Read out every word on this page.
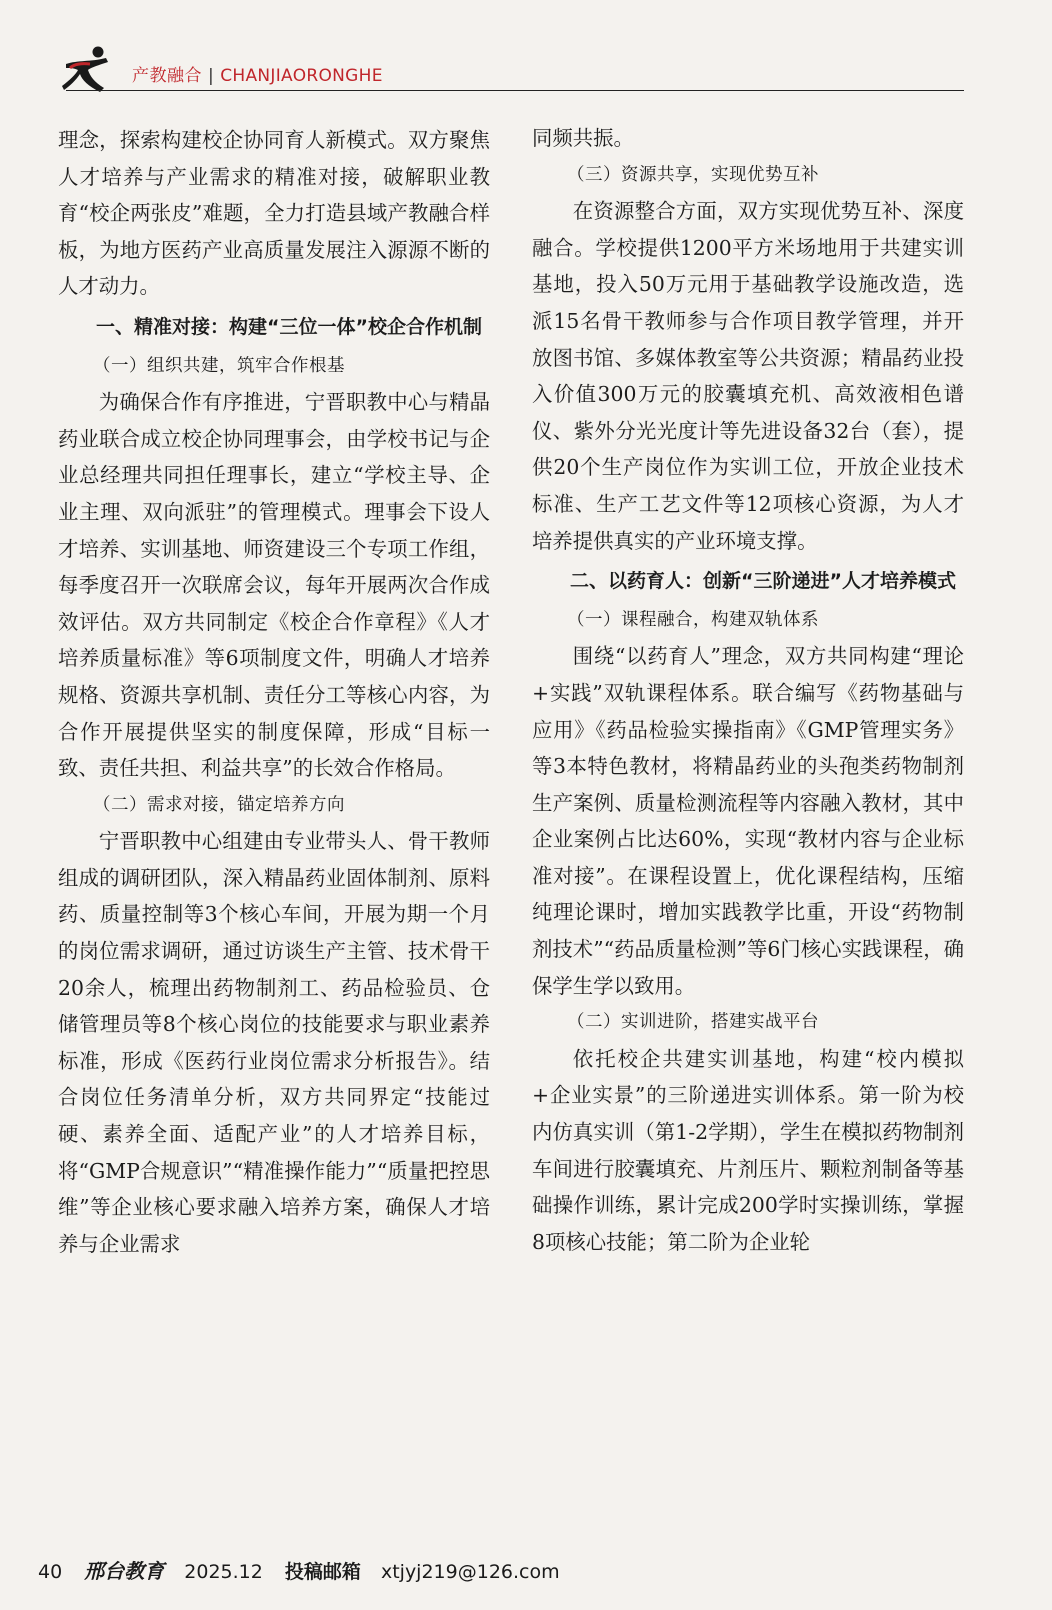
产教融合 | CHANJIAORONGHE

理念，探索构建校企协同育人新模式。双方聚焦人才培养与产业需求的精准对接，破解职业教育“校企两张皮”难题，全力打造县域产教融合样板，为地方医药产业高质量发展注入源源不断的人才动力。

一、精准对接：构建“三位一体”校企合作机制

（一）组织共建，筑牢合作根基

为确保合作有序推进，宁晋职教中心与精晶药业联合成立校企协同理事会，由学校书记与企业总经理共同担任理事长，建立“学校主导、企业主理、双向派驻”的管理模式。理事会下设人才培养、实训基地、师资建设三个专项工作组，每季度召开一次联席会议，每年开展两次合作成效评估。双方共同制定《校企合作章程》《人才培养质量标准》等6项制度文件，明确人才培养规格、资源共享机制、责任分工等核心内容，为合作开展提供坚实的制度保障，形成“目标一致、责任共担、利益共享”的长效合作格局。

（二）需求对接，锚定培养方向

宁晋职教中心组建由专业带头人、骨干教师组成的调研团队，深入精晶药业固体制剂、原料药、质量控制等3个核心车间，开展为期一个月的岗位需求调研，通过访谈生产主管、技术骨干20余人，梳理出药物制剂工、药品检验员、仓储管理员等8个核心岗位的技能要求与职业素养标准，形成《医药行业岗位需求分析报告》。结合岗位任务清单分析，双方共同界定“技能过硬、素养全面、适配产业”的人才培养目标，将“GMP合规意识”“精准操作能力”“质量把控思维”等企业核心要求融入培养方案，确保人才培养与企业需求

同频共振。

（三）资源共享，实现优势互补

在资源整合方面，双方实现优势互补、深度融合。学校提供1200平方米场地用于共建实训基地，投入50万元用于基础教学设施改造，选派15名骨干教师参与合作项目教学管理，并开放图书馆、多媒体教室等公共资源；精晶药业投入价值300万元的胶囊填充机、高效液相色谱仪、紫外分光光度计等先进设备32台（套），提供20个生产岗位作为实训工位，开放企业技术标准、生产工艺文件等12项核心资源，为人才培养提供真实的产业环境支撑。

二、以药育人：创新“三阶递进”人才培养模式

（一）课程融合，构建双轨体系

围绕“以药育人”理念，双方共同构建“理论+实践”双轨课程体系。联合编写《药物基础与应用》《药品检验实操指南》《GMP管理实务》等3本特色教材，将精晶药业的头孢类药物制剂生产案例、质量检测流程等内容融入教材，其中企业案例占比达60%，实现“教材内容与企业标准对接”。在课程设置上，优化课程结构，压缩纯理论课时，增加实践教学比重，开设“药物制剂技术”“药品质量检测”等6门核心实践课程，确保学生学以致用。

（二）实训进阶，搭建实战平台

依托校企共建实训基地，构建“校内模拟+企业实景”的三阶递进实训体系。第一阶为校内仿真实训（第1-2学期），学生在模拟药物制剂车间进行胶囊填充、片剂压片、颗粒剂制备等基础操作训练，累计完成200学时实操训练，掌握8项核心技能；第二阶为企业轮

40 邢台教育 2025.12 投稿邮箱 xtjyj219@126.com
